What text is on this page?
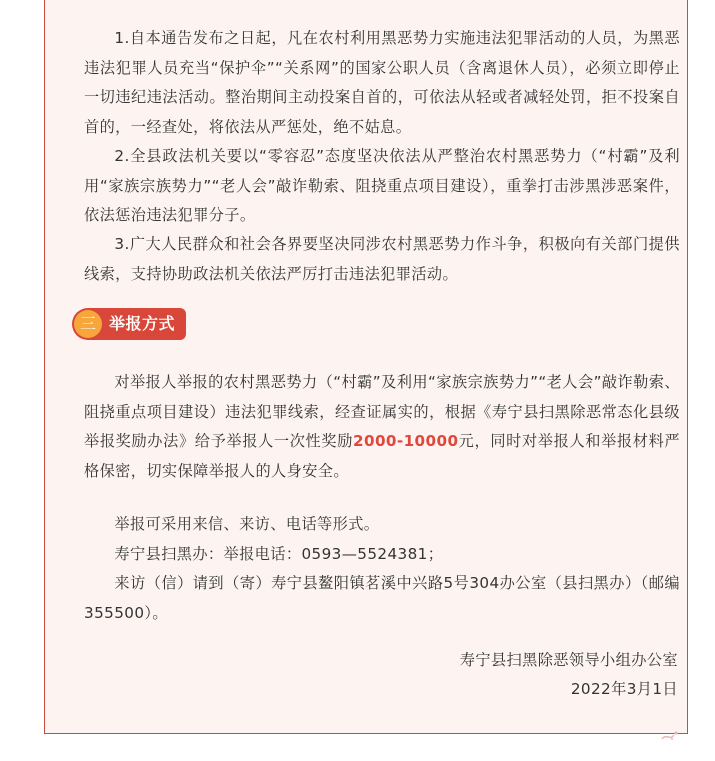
1.自本通告发布之日起，凡在农村利用黑恶势力实施违法犯罪活动的人员，为黑恶违法犯罪人员充当“保护伞”“关系网”的国家公职人员（含离退休人员），必须立即停止一切违纪违法活动。整治期间主动投案自首的，可依法从轻或者减轻处罚，拒不投案自首的，一经查处，将依法从严惩处，绝不姑息。

2.全县政法机关要以“零容忍”态度坚决依法从严整治农村黑恶势力（“村霸”及利用“家族宗族势力”“老人会”敲诈勒索、阻挠重点项目建设），重拳打击涉黑涉恶案件，依法惩治违法犯罪分子。

3.广大人民群众和社会各界要坚决同涉农村黑恶势力作斗争，积极向有关部门提供线索，支持协助政法机关依法严厉打击违法犯罪活动。

三 举报方式

对举报人举报的农村黑恶势力（“村霸”及利用“家族宗族势力”“老人会”敲诈勒索、阻挠重点项目建设）违法犯罪线索，经查证属实的，根据《寿宁县扫黑除恶常态化县级举报奖励办法》给予举报人一次性奖励2000-10000元，同时对举报人和举报材料严格保密，切实保障举报人的人身安全。

举报可采用来信、来访、电话等形式。

寿宁县扫黑办：举报电话：0593—5524381；

来访（信）请到（寄）寿宁县鳌阳镇茗溪中兴路5号304办公室（县扫黑办）（邮编355500）。

寿宁县扫黑除恶领导小组办公室
2022年3月1日
